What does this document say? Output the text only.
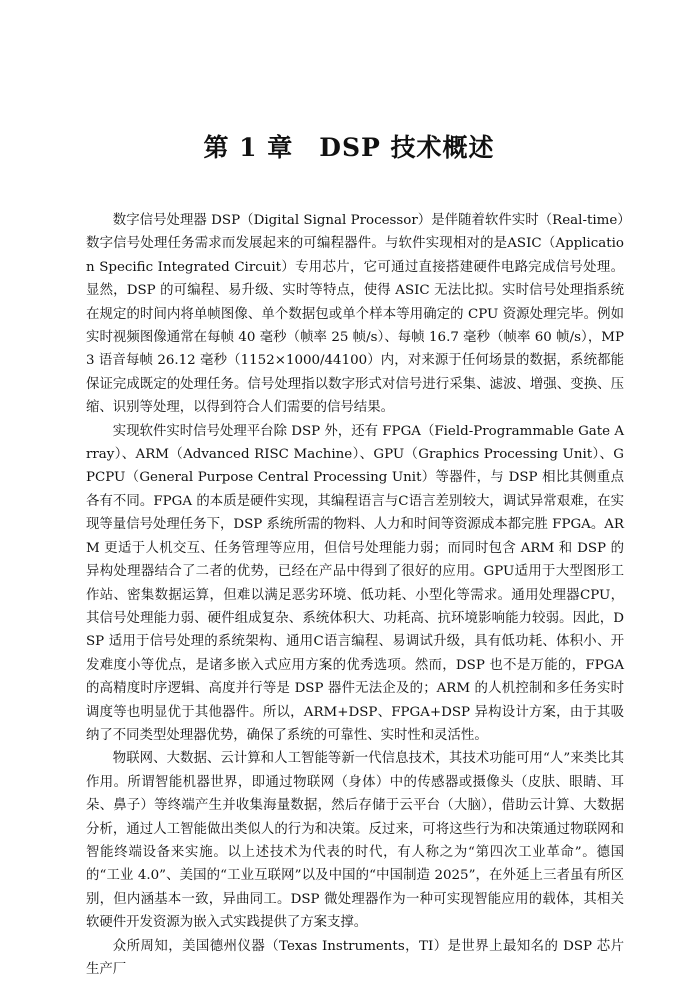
第 1 章　DSP 技术概述

数字信号处理器 DSP（Digital Signal Processor）是伴随着软件实时（Real-time）数字信号处理任务需求而发展起来的可编程器件。与软件实现相对的是ASIC（Application Specific Integrated Circuit）专用芯片，它可通过直接搭建硬件电路完成信号处理。显然，DSP 的可编程、易升级、实时等特点，使得 ASIC 无法比拟。实时信号处理指系统在规定的时间内将单帧图像、单个数据包或单个样本等用确定的 CPU 资源处理完毕。例如实时视频图像通常在每帧 40 毫秒（帧率 25 帧/s）、每帧 16.7 毫秒（帧率 60 帧/s），MP3 语音每帧 26.12 毫秒（1152×1000/44100）内，对来源于任何场景的数据，系统都能保证完成既定的处理任务。信号处理指以数字形式对信号进行采集、滤波、增强、变换、压缩、识别等处理，以得到符合人们需要的信号结果。

实现软件实时信号处理平台除 DSP 外，还有 FPGA（Field-Programmable Gate Array）、ARM（Advanced RISC Machine）、GPU（Graphics Processing Unit）、GPCPU（General Purpose Central Processing Unit）等器件，与 DSP 相比其侧重点各有不同。FPGA 的本质是硬件实现，其编程语言与C语言差别较大，调试异常艰难，在实现等量信号处理任务下，DSP 系统所需的物料、人力和时间等资源成本都完胜 FPGA。ARM 更适于人机交互、任务管理等应用，但信号处理能力弱；而同时包含 ARM 和 DSP 的异构处理器结合了二者的优势，已经在产品中得到了很好的应用。GPU适用于大型图形工作站、密集数据运算，但难以满足恶劣环境、低功耗、小型化等需求。通用处理器CPU，其信号处理能力弱、硬件组成复杂、系统体积大、功耗高、抗环境影响能力较弱。因此，DSP 适用于信号处理的系统架构、通用C语言编程、易调试升级，具有低功耗、体积小、开发难度小等优点，是诸多嵌入式应用方案的优秀选项。然而，DSP 也不是万能的，FPGA 的高精度时序逻辑、高度并行等是 DSP 器件无法企及的；ARM 的人机控制和多任务实时调度等也明显优于其他器件。所以，ARM+DSP、FPGA+DSP 异构设计方案，由于其吸纳了不同类型处理器优势，确保了系统的可靠性、实时性和灵活性。

物联网、大数据、云计算和人工智能等新一代信息技术，其技术功能可用“人”来类比其作用。所谓智能机器世界，即通过物联网（身体）中的传感器或摄像头（皮肤、眼睛、耳朵、鼻子）等终端产生并收集海量数据，然后存储于云平台（大脑），借助云计算、大数据分析，通过人工智能做出类似人的行为和决策。反过来，可将这些行为和决策通过物联网和智能终端设备来实施。以上述技术为代表的时代，有人称之为“第四次工业革命”。德国的“工业 4.0”、美国的“工业互联网”以及中国的“中国制造 2025”，在外延上三者虽有所区别，但内涵基本一致，异曲同工。DSP 微处理器作为一种可实现智能应用的载体，其相关软硬件开发资源为嵌入式实践提供了方案支撑。

众所周知，美国德州仪器（Texas Instruments，TI）是世界上最知名的 DSP 芯片生产厂
